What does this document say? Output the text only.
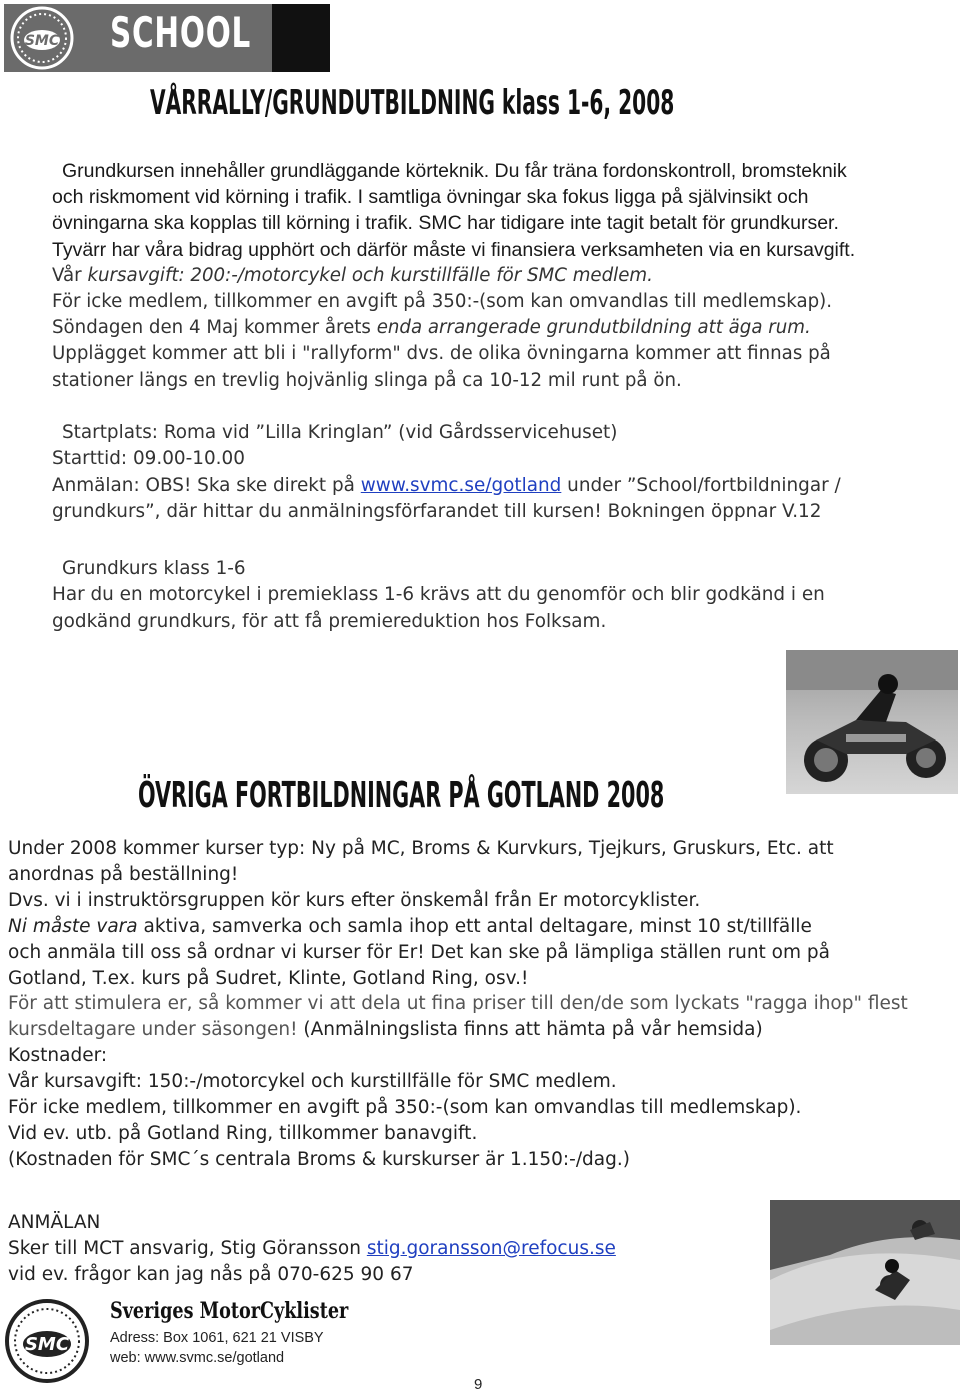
SMC SCHOOL
VÅRRALLY/GRUNDUTBILDNING klass 1-6, 2008
Grundkursen innehåller grundläggande körteknik. Du får träna fordonskontroll, bromsteknik
och riskmoment vid körning i trafik. I samtliga övningar ska fokus ligga på självinsikt och
övningarna ska kopplas till körning i trafik. SMC har tidigare inte tagit betalt för grundkurser.
Tyvärr har våra bidrag upphört och därför måste vi finansiera verksamheten via en kursavgift.
Vår kursavgift: 200:-/motorcykel och kurstillfälle för SMC medlem.
För icke medlem, tillkommer en avgift på 350:-(som kan omvandlas till medlemskap).
Söndagen den 4 Maj kommer årets enda arrangerade grundutbildning att äga rum.
Upplägget kommer att bli i "rallyform" dvs. de olika övningarna kommer att finnas på
stationer längs en trevlig hojvänlig slinga på ca 10-12 mil runt på ön.
Startplats: Roma vid ”Lilla Kringlan” (vid Gårdsservicehuset)
Starttid: 09.00-10.00
Anmälan: OBS! Ska ske direkt på www.svmc.se/gotland under ”School/fortbildningar /
grundkurs”, där hittar du anmälningsförfarandet till kursen! Bokningen öppnar V.12
Grundkurs klass 1-6
Har du en motorcykel i premieklass 1-6 krävs att du genomför och blir godkänd i en
godkänd grundkurs, för att få premiereduktion hos Folksam.
ÖVRIGA FORTBILDNINGAR PÅ GOTLAND 2008
Under 2008 kommer kurser typ: Ny på MC, Broms & Kurvkurs, Tjejkurs, Gruskurs, Etc. att
anordnas på beställning!
Dvs. vi i instruktörsgruppen kör kurs efter önskemål från Er motorcyklister.
Ni måste vara aktiva, samverka och samla ihop ett antal deltagare, minst 10 st/tillfälle
och anmäla till oss så ordnar vi kurser för Er! Det kan ske på lämpliga ställen runt om på
Gotland, T.ex. kurs på Sudret, Klinte, Gotland Ring, osv.!
För att stimulera er, så kommer vi att dela ut fina priser till den/de som lyckats "ragga ihop" flest
kursdeltagare under säsongen! (Anmälningslista finns att hämta på vår hemsida)
Kostnader:
Vår kursavgift: 150:-/motorcykel och kurstillfälle för SMC medlem.
För icke medlem, tillkommer en avgift på 350:-(som kan omvandlas till medlemskap).
Vid ev. utb. på Gotland Ring, tillkommer banavgift.
(Kostnaden för SMC´s centrala Broms & kurskurser är 1.150:-/dag.)
ANMÄLAN
Sker till MCT ansvarig, Stig Göransson stig.goransson@refocus.se
vid ev. frågor kan jag nås på 070-625 90 67
SMC
Sveriges MotorCyklister
Adress: Box 1061, 621 21 VISBY
web: www.svmc.se/gotland
9
